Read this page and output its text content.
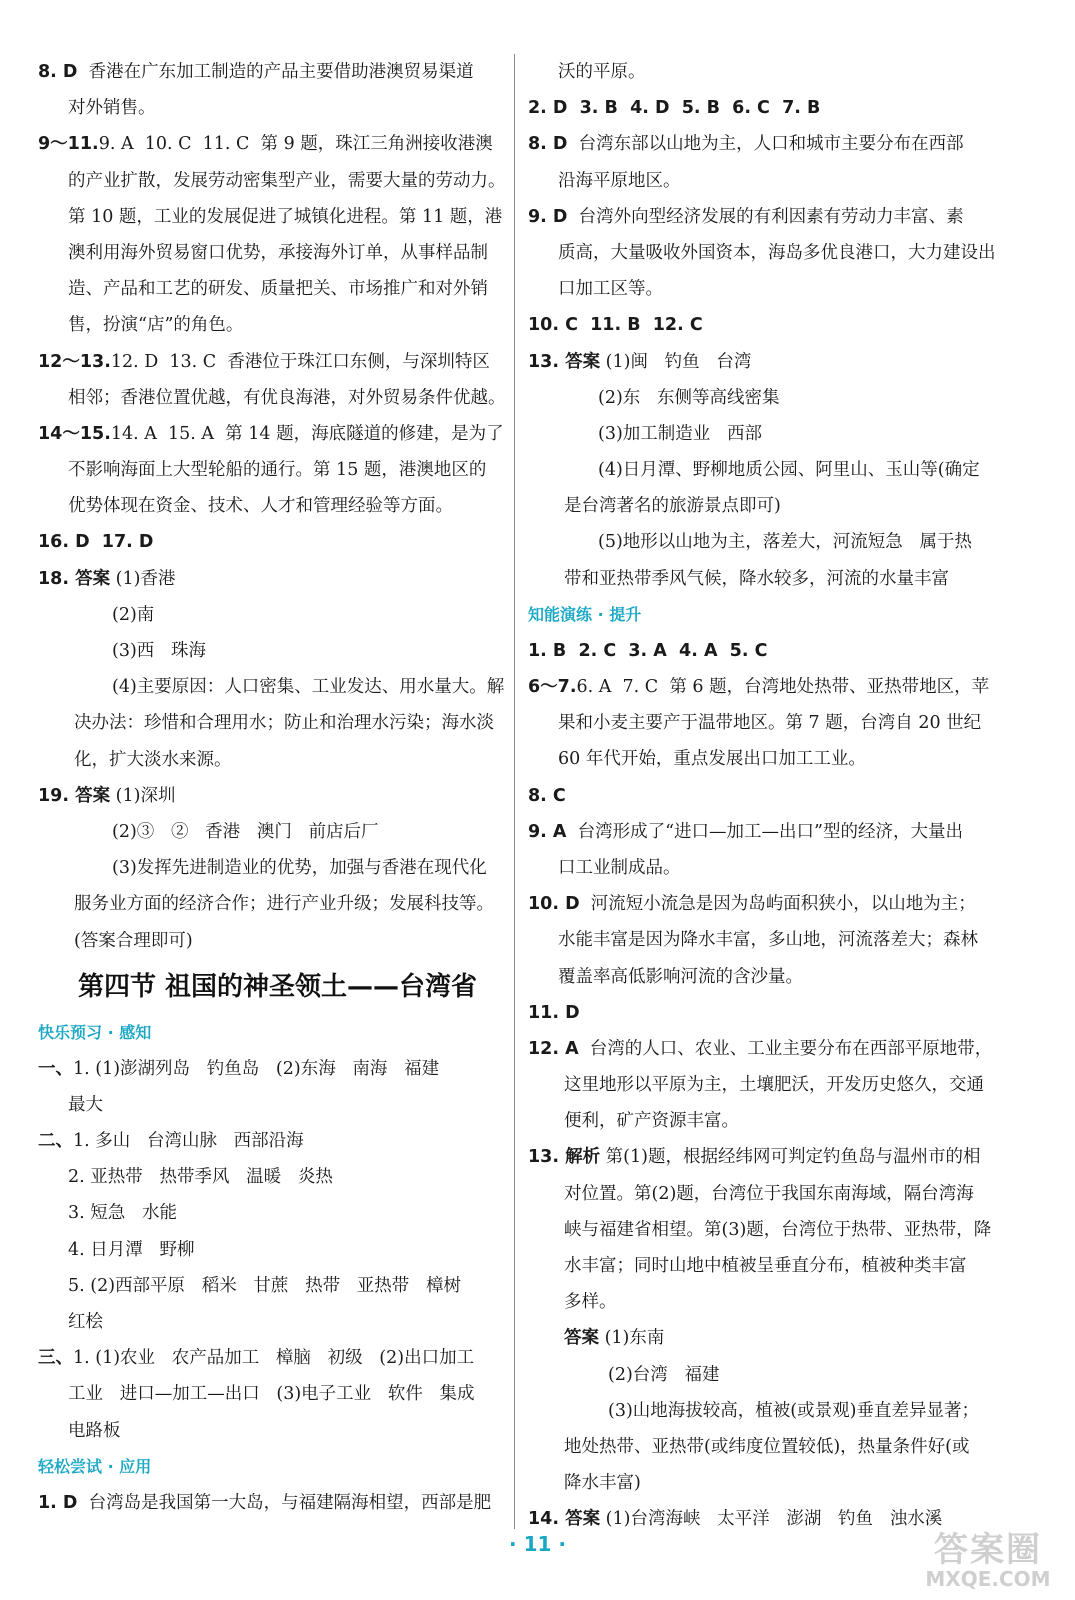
8. D  香港在广东加工制造的产品主要借助港澳贸易渠道
对外销售。
9～11.9. A  10. C  11. C  第 9 题，珠江三角洲接收港澳
的产业扩散，发展劳动密集型产业，需要大量的劳动力。
第 10 题，工业的发展促进了城镇化进程。第 11 题，港
澳利用海外贸易窗口优势，承接海外订单，从事样品制
造、产品和工艺的研发、质量把关、市场推广和对外销
售，扮演“店”的角色。
12～13.12. D  13. C  香港位于珠江口东侧，与深圳特区
相邻；香港位置优越，有优良海港，对外贸易条件优越。
14～15.14. A  15. A  第 14 题，海底隧道的修建，是为了
不影响海面上大型轮船的通行。第 15 题，港澳地区的
优势体现在资金、技术、人才和管理经验等方面。
16. D  17. D
18. 答案 (1)香港
(2)南
(3)西   珠海
(4)主要原因：人口密集、工业发达、用水量大。解
决办法：珍惜和合理用水；防止和治理水污染；海水淡
化，扩大淡水来源。
19. 答案 (1)深圳
(2)③   ②   香港   澳门   前店后厂
(3)发挥先进制造业的优势，加强与香港在现代化
服务业方面的经济合作；进行产业升级；发展科技等。
(答案合理即可)
第四节 祖国的神圣领土——台湾省
快乐预习 · 感知
一、1. (1)澎湖列岛   钓鱼岛   (2)东海   南海   福建
最大
二、1. 多山   台湾山脉   西部沿海
2. 亚热带   热带季风   温暖   炎热
3. 短急   水能
4. 日月潭   野柳
5. (2)西部平原   稻米   甘蔗   热带   亚热带   樟树
红桧
三、1. (1)农业   农产品加工   樟脑   初级   (2)出口加工
工业   进口—加工—出口   (3)电子工业   软件   集成
电路板
轻松尝试 · 应用
1. D  台湾岛是我国第一大岛，与福建隔海相望，西部是肥
沃的平原。
2. D  3. B  4. D  5. B  6. C  7. B
8. D  台湾东部以山地为主，人口和城市主要分布在西部
沿海平原地区。
9. D  台湾外向型经济发展的有利因素有劳动力丰富、素
质高，大量吸收外国资本，海岛多优良港口，大力建设出
口加工区等。
10. C  11. B  12. C
13. 答案 (1)闽   钓鱼   台湾
(2)东   东侧等高线密集
(3)加工制造业   西部
(4)日月潭、野柳地质公园、阿里山、玉山等(确定
是台湾著名的旅游景点即可)
(5)地形以山地为主，落差大，河流短急   属于热
带和亚热带季风气候，降水较多，河流的水量丰富
知能演练 · 提升
1. B  2. C  3. A  4. A  5. C
6～7.6. A  7. C  第 6 题，台湾地处热带、亚热带地区，苹
果和小麦主要产于温带地区。第 7 题，台湾自 20 世纪
60 年代开始，重点发展出口加工工业。
8. C
9. A  台湾形成了“进口—加工—出口”型的经济，大量出
口工业制成品。
10. D  河流短小流急是因为岛屿面积狭小，以山地为主；
水能丰富是因为降水丰富，多山地，河流落差大；森林
覆盖率高低影响河流的含沙量。
11. D
12. A  台湾的人口、农业、工业主要分布在西部平原地带，
这里地形以平原为主，土壤肥沃，开发历史悠久，交通
便利，矿产资源丰富。
13. 解析 第(1)题，根据经纬网可判定钓鱼岛与温州市的相
对位置。第(2)题，台湾位于我国东南海域，隔台湾海
峡与福建省相望。第(3)题，台湾位于热带、亚热带，降
水丰富；同时山地中植被呈垂直分布，植被种类丰富
多样。
答案 (1)东南
(2)台湾   福建
(3)山地海拔较高，植被(或景观)垂直差异显著；
地处热带、亚热带(或纬度位置较低)，热量条件好(或
降水丰富)
14. 答案 (1)台湾海峡   太平洋   澎湖   钓鱼   浊水溪
· 11 ·	答案圈
MXQE.COM
